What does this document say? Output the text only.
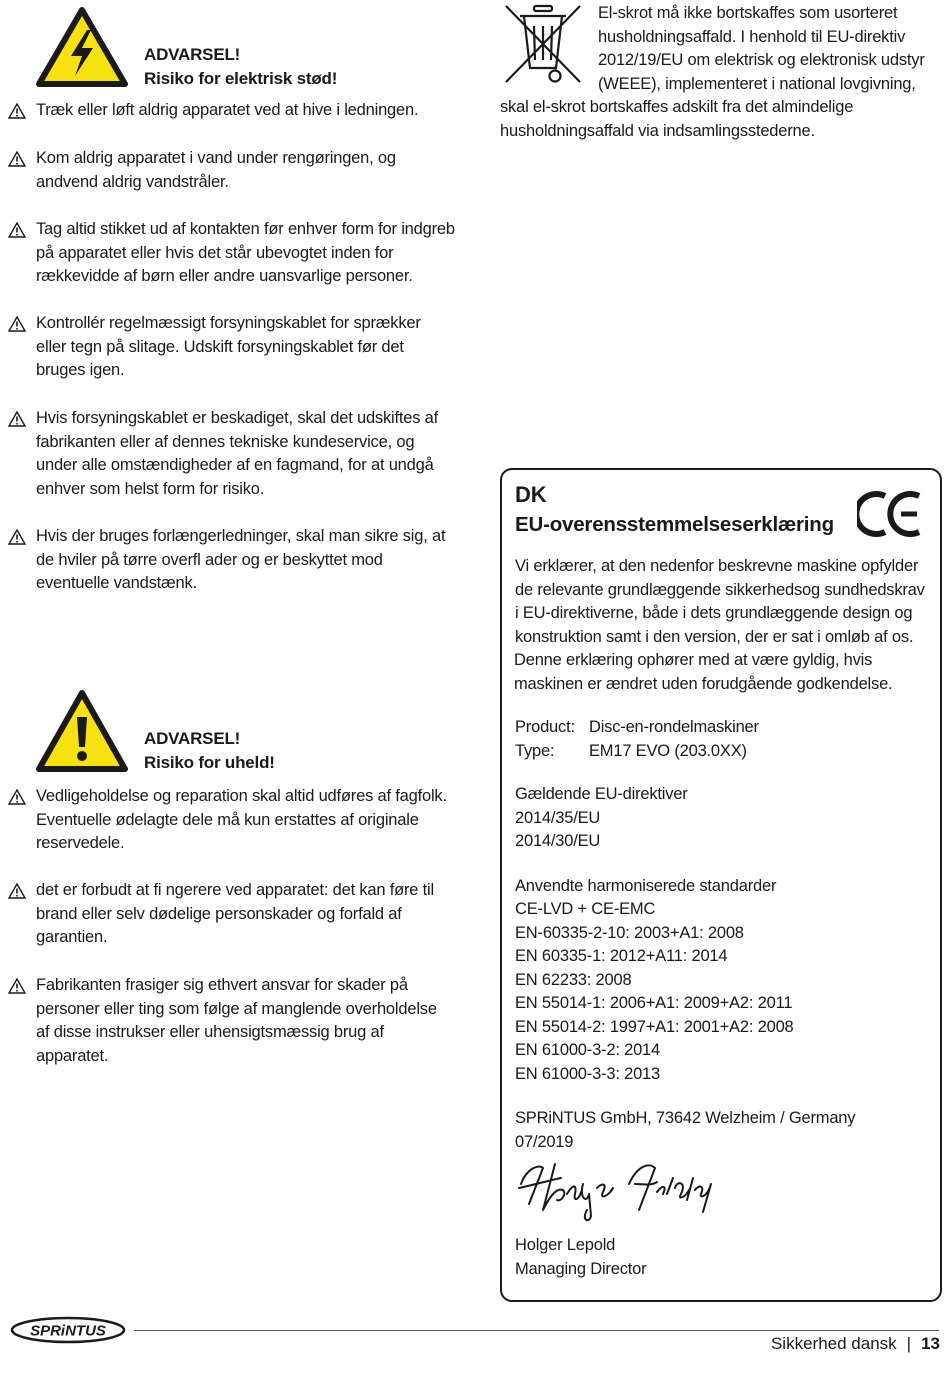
ADVARSEL!
Risiko for elektrisk stød!
Træk eller løft aldrig apparatet ved at hive i ledningen.
Kom aldrig apparatet i vand under rengøringen, og andvend aldrig vandstråler.
Tag altid stikket ud af kontakten før enhver form for indgreb på apparatet eller hvis det står ubevogtet inden for rækkevidde af børn eller andre uansvarlige personer.
Kontrollér regelmæssigt forsyningskablet for sprækker eller tegn på slitage. Udskift forsyningskablet før det bruges igen.
Hvis forsyningskablet er beskadiget, skal det udskiftes af fabrikanten eller af dennes tekniske kundeservice, og under alle omstændigheder af en fagmand, for at undgå enhver som helst form for risiko.
Hvis der bruges forlængerledninger, skal man sikre sig, at de hviler på tørre overfl ader og er beskyttet mod eventuelle vandstænk.
ADVARSEL!
Risiko for uheld!
Vedligeholdelse og reparation skal altid udføres af fagfolk. Eventuelle ødelagte dele må kun erstattes af originale reservedele.
det er forbudt at fi ngerere ved apparatet: det kan føre til brand eller selv dødelige personskader og forfald af garantien.
Fabrikanten frasiger sig ethvert ansvar for skader på personer eller ting som følge af manglende overholdelse af disse instrukser eller uhensigtsmæssig brug af apparatet.

El-skrot må ikke bortskaffes som usorteret

husholdningsaffald. I henhold til EU-direktiv

2012/19/EU om elektrisk og elektronisk udstyr

(WEEE), implementeret i national lovgivning,

skal el-skrot bortskaffes adskilt fra det almindelige

husholdningsaffald via indsamlingsstederne.

DK
EU-overensstemmelseserklæring

Vi erklærer, at den nedenfor beskrevne maskine opfylder de relevante grundlæggende sikkerhedsog sundhedskrav i EU-direktiverne, både i dets grundlæggende design og konstruktion samt i den version, der er sat i omløb af os.

Denne erklæring ophører med at være gyldig, hvis maskinen er ændret uden forudgående godkendelse.

Product: Disc-en-rondelmaskiner
Type:	EM17 EVO (203.0XX)

Gældende EU-direktiver

2014/35/EU

2014/30/EU

Anvendte harmoniserede standarder

CE-LVD + CE-EMC

EN-60335-2-10: 2003+A1: 2008

EN 60335-1: 2012+A11: 2014

EN 62233: 2008

EN 55014-1: 2006+A1: 2009+A2: 2011

EN 55014-2: 1997+A1: 2001+A2: 2008

EN 61000-3-2: 2014

EN 61000-3-3: 2013

SPRiNTUS GmbH, 73642 Welzheim / Germany

07/2019

Holger Lepold

Managing Director

SPRiNTUS
Sikkerhed dansk | 13
